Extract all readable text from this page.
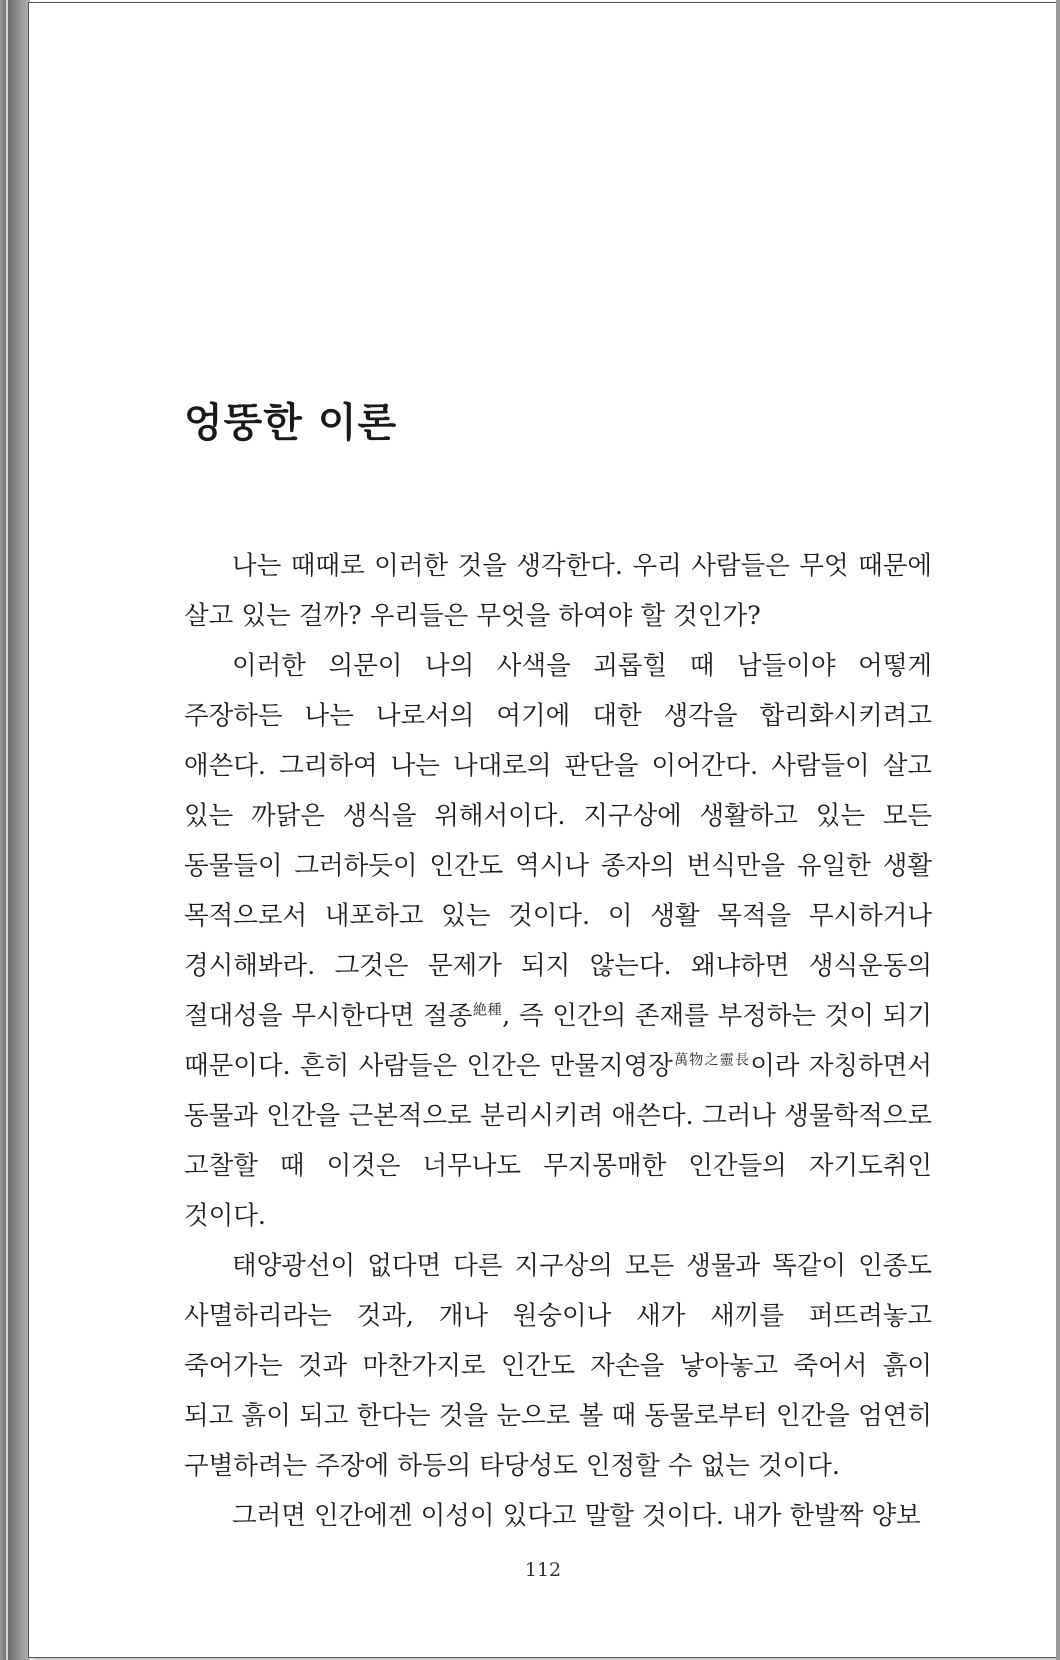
엉뚱한 이론

나는 때때로 이러한 것을 생각한다. 우리 사람들은 무엇 때문에 살고 있는 걸까? 우리들은 무엇을 하여야 할 것인가?

이러한 의문이 나의 사색을 괴롭힐 때 남들이야 어떻게 주장하든 나는 나로서의 여기에 대한 생각을 합리화시키려고 애쓴다. 그리하여 나는 나대로의 판단을 이어간다. 사람들이 살고 있는 까닭은 생식을 위해서이다. 지구상에 생활하고 있는 모든 동물들이 그러하듯이 인간도 역시나 종자의 번식만을 유일한 생활 목적으로서 내포하고 있는 것이다. 이 생활 목적을 무시하거나 경시해봐라. 그것은 문제가 되지 않는다. 왜냐하면 생식운동의 절대성을 무시한다면 절종$^{絶種}$, 즉 인간의 존재를 부정하는 것이 되기 때문이다. 흔히 사람들은 인간은 만물지영장$^{萬物之靈長}$이라 자칭하면서 동물과 인간을 근본적으로 분리시키려 애쓴다. 그러나 생물학적으로 고찰할 때 이것은 너무나도 무지몽매한 인간들의 자기도취인 것이다.

태양광선이 없다면 다른 지구상의 모든 생물과 똑같이 인종도 사멸하리라는 것과, 개나 원숭이나 새가 새끼를 퍼뜨려놓고 죽어가는 것과 마찬가지로 인간도 자손을 낳아놓고 죽어서 흙이 되고 흙이 되고 한다는 것을 눈으로 볼 때 동물로부터 인간을 엄연히 구별하려는 주장에 하등의 타당성도 인정할 수 없는 것이다.

그러면 인간에겐 이성이 있다고 말할 것이다. 내가 한발짝 양보

112
